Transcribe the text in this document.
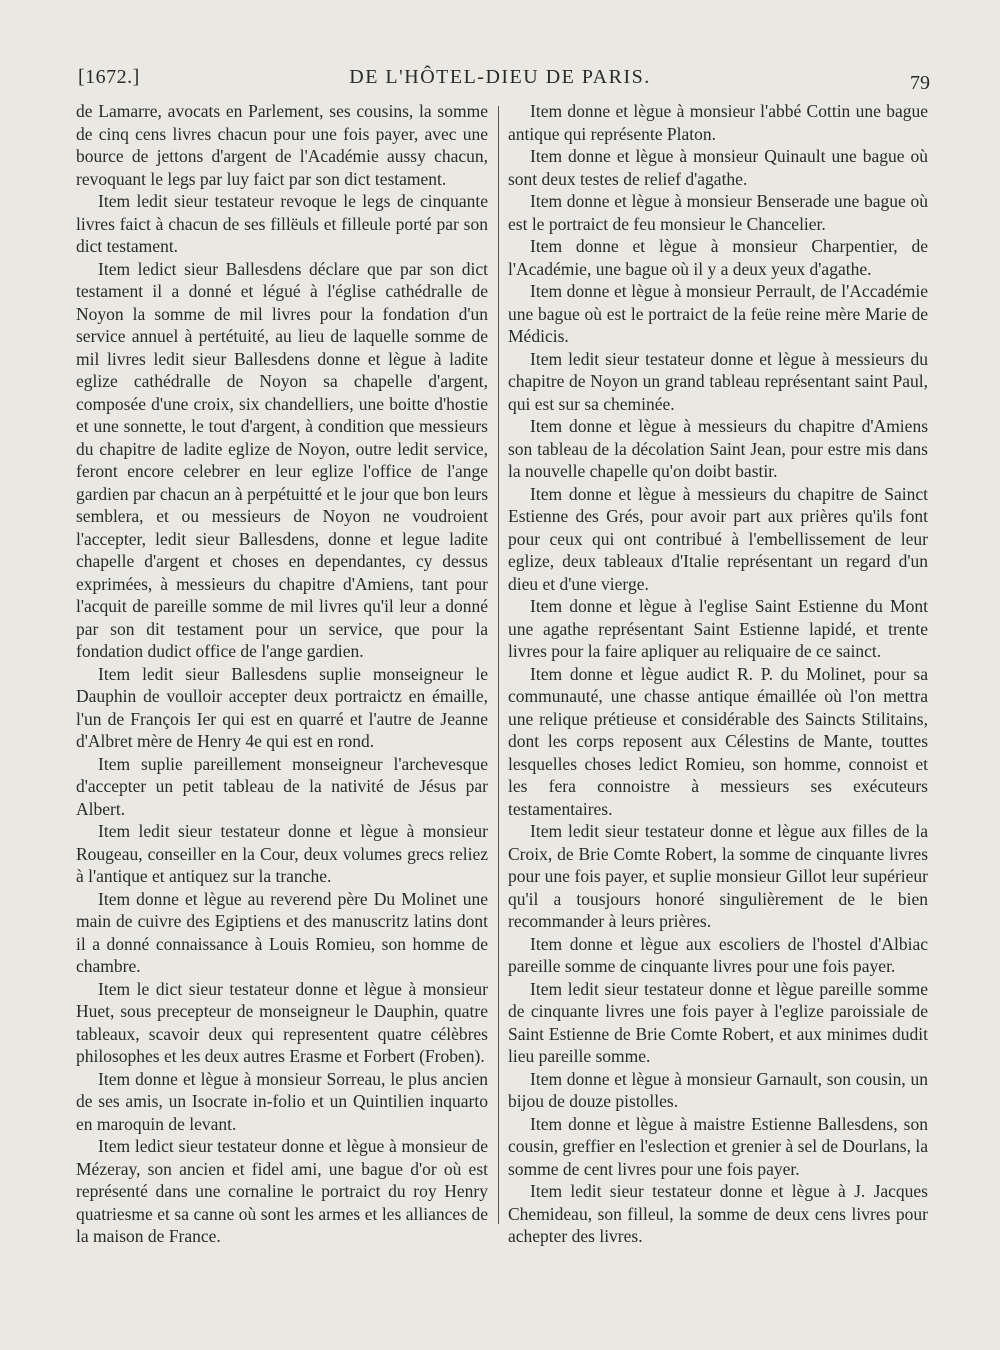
[1672.]	DE L'HÔTEL-DIEU DE PARIS.	79

de Lamarre, avocats en Parlement, ses cousins, la somme de cinq cens livres chacun pour une fois payer, avec une bource de jettons d'argent de l'Académie aussy chacun, revoquant le legs par luy faict par son dict testament.

Item ledit sieur testateur revoque le legs de cinquante livres faict à chacun de ses fillëuls et filleule porté par son dict testament.

Item ledict sieur Ballesdens déclare que par son dict testament il a donné et légué à l'église cathédralle de Noyon la somme de mil livres pour la fondation d'un service annuel à pertétuité, au lieu de laquelle somme de mil livres ledit sieur Ballesdens donne et lègue à ladite eglize cathédralle de Noyon sa chapelle d'argent, composée d'une croix, six chandelliers, une boitte d'hostie et une sonnette, le tout d'argent, à condition que messieurs du chapitre de ladite eglize de Noyon, outre ledit service, feront encore celebrer en leur eglize l'office de l'ange gardien par chacun an à perpétuitté et le jour que bon leurs semblera, et ou messieurs de Noyon ne voudroient l'accepter, ledit sieur Ballesdens, donne et legue ladite chapelle d'argent et choses en dependantes, cy dessus exprimées, à messieurs du chapitre d'Amiens, tant pour l'acquit de pareille somme de mil livres qu'il leur a donné par son dit testament pour un service, que pour la fondation dudict office de l'ange gardien.

Item ledit sieur Ballesdens suplie monseigneur le Dauphin de voulloir accepter deux portraictz en émaille, l'un de François Ier qui est en quarré et l'autre de Jeanne d'Albret mère de Henry 4e qui est en rond.

Item suplie pareillement monseigneur l'archevesque d'accepter un petit tableau de la nativité de Jésus par Albert.

Item ledit sieur testateur donne et lègue à monsieur Rougeau, conseiller en la Cour, deux volumes grecs reliez à l'antique et antiquez sur la tranche.

Item donne et lègue au reverend père Du Molinet une main de cuivre des Egiptiens et des manuscritz latins dont il a donné connaissance à Louis Romieu, son homme de chambre.

Item le dict sieur testateur donne et lègue à monsieur Huet, sous precepteur de monseigneur le Dauphin, quatre tableaux, scavoir deux qui representent quatre célèbres philosophes et les deux autres Erasme et Forbert (Froben).

Item donne et lègue à monsieur Sorreau, le plus ancien de ses amis, un Isocrate in-folio et un Quintilien inquarto en maroquin de levant.

Item ledict sieur testateur donne et lègue à monsieur de Mézeray, son ancien et fidel ami, une bague d'or où est représenté dans une cornaline le portraict du roy Henry quatriesme et sa canne où sont les armes et les alliances de la maison de France.

Item donne et lègue à monsieur l'abbé Cottin une bague antique qui représente Platon.

Item donne et lègue à monsieur Quinault une bague où sont deux testes de relief d'agathe.

Item donne et lègue à monsieur Benserade une bague où est le portraict de feu monsieur le Chancelier.

Item donne et lègue à monsieur Charpentier, de l'Académie, une bague où il y a deux yeux d'agathe.

Item donne et lègue à monsieur Perrault, de l'Accadémie une bague où est le portraict de la feüe reine mère Marie de Médicis.

Item ledit sieur testateur donne et lègue à messieurs du chapitre de Noyon un grand tableau représentant saint Paul, qui est sur sa cheminée.

Item donne et lègue à messieurs du chapitre d'Amiens son tableau de la décolation Saint Jean, pour estre mis dans la nouvelle chapelle qu'on doibt bastir.

Item donne et lègue à messieurs du chapitre de Sainct Estienne des Grés, pour avoir part aux prières qu'ils font pour ceux qui ont contribué à l'embellissement de leur eglize, deux tableaux d'Italie représentant un regard d'un dieu et d'une vierge.

Item donne et lègue à l'eglise Saint Estienne du Mont une agathe représentant Saint Estienne lapidé, et trente livres pour la faire apliquer au reliquaire de ce sainct.

Item donne et lègue audict R. P. du Molinet, pour sa communauté, une chasse antique émaillée où l'on mettra une relique prétieuse et considérable des Saincts Stilitains, dont les corps reposent aux Célestins de Mante, touttes lesquelles choses ledict Romieu, son homme, connoist et les fera connoistre à messieurs ses exécuteurs testamentaires.

Item ledit sieur testateur donne et lègue aux filles de la Croix, de Brie Comte Robert, la somme de cinquante livres pour une fois payer, et suplie monsieur Gillot leur supérieur qu'il a tousjours honoré singulièrement de le bien recommander à leurs prières.

Item donne et lègue aux escoliers de l'hostel d'Albiac pareille somme de cinquante livres pour une fois payer.

Item ledit sieur testateur donne et lègue pareille somme de cinquante livres une fois payer à l'eglize paroissiale de Saint Estienne de Brie Comte Robert, et aux minimes dudit lieu pareille somme.

Item donne et lègue à monsieur Garnault, son cousin, un bijou de douze pistolles.

Item donne et lègue à maistre Estienne Ballesdens, son cousin, greffier en l'eslection et grenier à sel de Dourlans, la somme de cent livres pour une fois payer.

Item ledit sieur testateur donne et lègue à J. Jacques Chemideau, son filleul, la somme de deux cens livres pour achepter des livres.
